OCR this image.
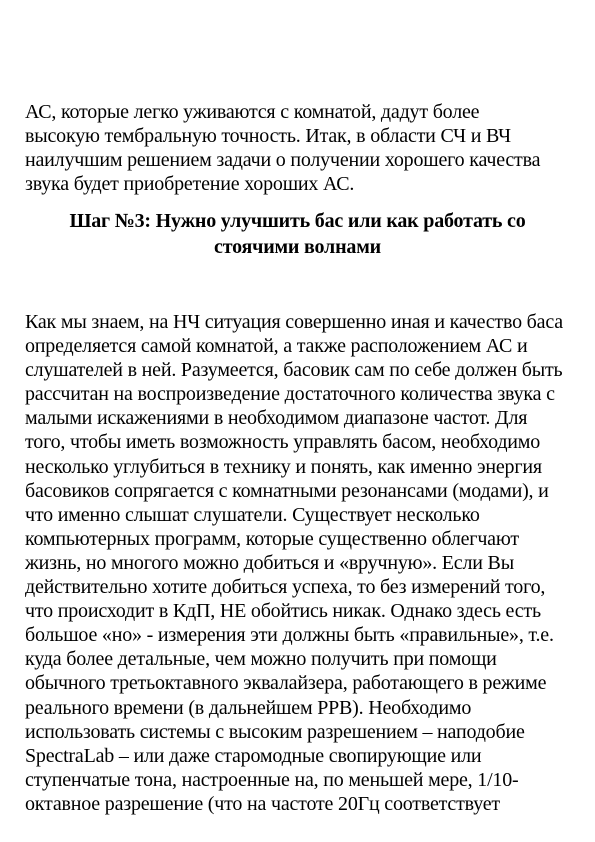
АС, которые легко уживаются с комнатой, дадут более
высокую тембральную точность. Итак, в области СЧ и ВЧ
наилучшим решением задачи о получении хорошего качества
звука будет приобретение хороших АС.
Шаг №3: Нужно улучшить бас или как работать со
стоячими волнами
Как мы знаем, на НЧ ситуация совершенно иная и качество баса
определяется самой комнатой, а также расположением АС и
слушателей в ней. Разумеется, басовик сам по себе должен быть
рассчитан на воспроизведение достаточного количества звука с
малыми искажениями в необходимом диапазоне частот. Для
того, чтобы иметь возможность управлять басом, необходимо
несколько углубиться в технику и понять, как именно энергия
басовиков сопрягается с комнатными резонансами (модами), и
что именно слышат слушатели. Существует несколько
компьютерных программ, которые существенно облегчают
жизнь, но многого можно добиться и «вручную». Если Вы
действительно хотите добиться успеха, то без измерений того,
что происходит в КдП, НЕ обойтись никак. Однако здесь есть
большое «но» - измерения эти должны быть «правильные», т.е.
куда более детальные, чем можно получить при помощи
обычного третьоктавного эквалайзера, работающего в режиме
реального времени (в дальнейшем РРВ). Необходимо
использовать системы с высоким разрешением – наподобие
SpectraLab – или даже старомодные свопирующие или
ступенчатые тона, настроенные на, по меньшей мере, 1/10-
октавное разрешение (что на частоте 20Гц соответствует
